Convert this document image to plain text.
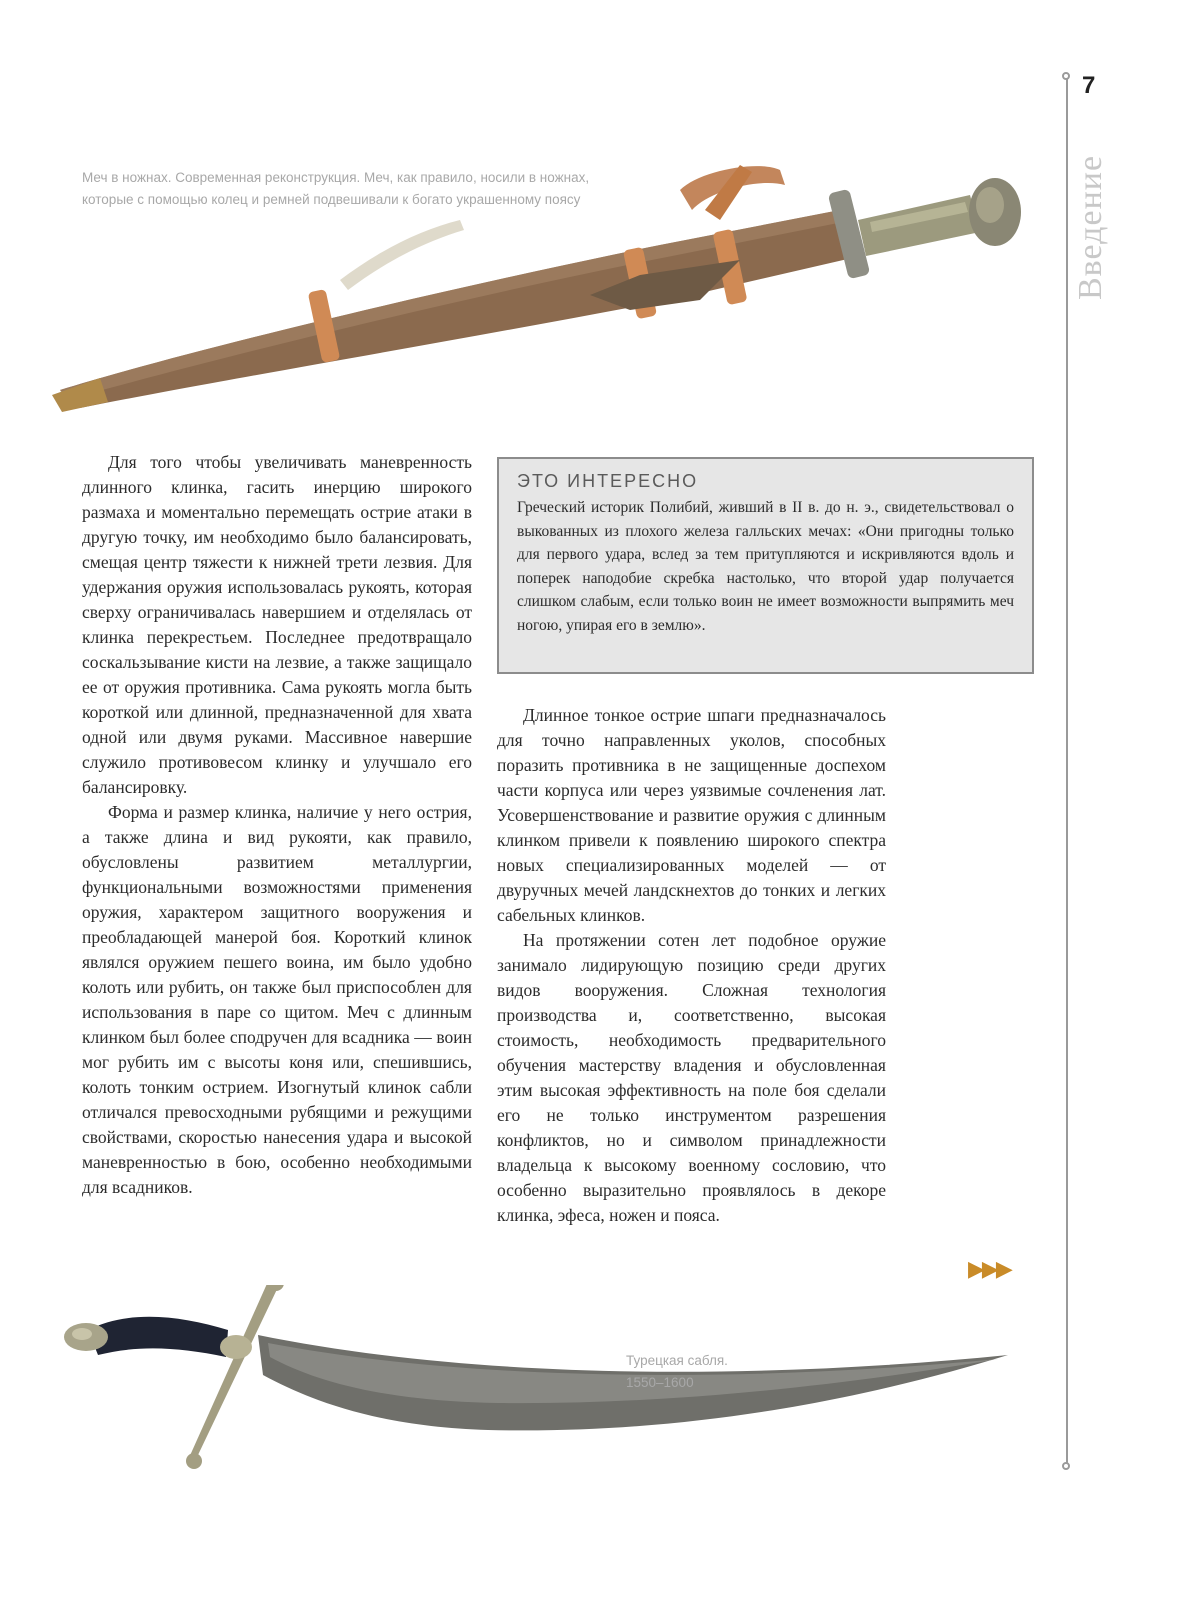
Меч в ножнах. Современная реконструкция. Меч, как правило, носили в ножнах, которые с помощью колец и ремней подвешивали к богато украшенному поясу
7
Введение

Для того чтобы увеличивать маневренность длинного клинка, гасить инерцию широкого размаха и моментально перемещать острие атаки в другую точку, им необходимо было балансировать, смещая центр тяжести к нижней трети лезвия. Для удержания оружия использовалась рукоять, которая сверху ограничивалась навершием и отделялась от клинка перекрестьем. Последнее предотвращало соскальзывание кисти на лезвие, а также защищало ее от оружия противника. Сама рукоять могла быть короткой или длинной, предназначенной для хвата одной или двумя руками. Массивное навершие служило противовесом клинку и улучшало его балансировку.

Форма и размер клинка, наличие у него острия, а также длина и вид рукояти, как правило, обусловлены развитием металлургии, функциональными возможностями применения оружия, характером защитного вооружения и преобладающей манерой боя. Короткий клинок являлся оружием пешего воина, им было удобно колоть или рубить, он также был приспособлен для использования в паре со щитом. Меч с длинным клинком был более сподручен для всадника — воин мог рубить им с высоты коня или, спешившись, колоть тонким острием. Изогнутый клинок сабли отличался превосходными рубящими и режущими свойствами, скоростью нанесения удара и высокой маневренностью в бою, особенно необходимыми для всадников.

ЭТО ИНТЕРЕСНО
Греческий историк Полибий, живший в II в. до н. э., свидетельствовал о выкованных из плохого железа галльских мечах: «Они пригодны только для первого удара, вслед за тем притупляются и искривляются вдоль и поперек наподобие скребка настолько, что второй удар получается слишком слабым, если только воин не имеет возможности выпрямить меч ногою, упирая его в землю».

Длинное тонкое острие шпаги предназначалось для точно направленных уколов, способных поразить противника в не защищенные доспехом части корпуса или через уязвимые сочленения лат. Усовершенствование и развитие оружия с длинным клинком привели к появлению широкого спектра новых специализированных моделей — от двуручных мечей ландскнехтов до тонких и легких сабельных клинков.

На протяжении сотен лет подобное оружие занимало лидирующую позицию среди других видов вооружения. Сложная технология производства и, соответственно, высокая стоимость, необходимость предварительного обучения мастерству владения и обусловленная этим высокая эффективность на поле боя сделали его не только инструментом разрешения конфликтов, но и символом принадлежности владельца к высокому военному сословию, что особенно выразительно проявлялось в декоре клинка, эфеса, ножен и пояса.

▶▶▶
Турецкая сабля.
1550–1600
